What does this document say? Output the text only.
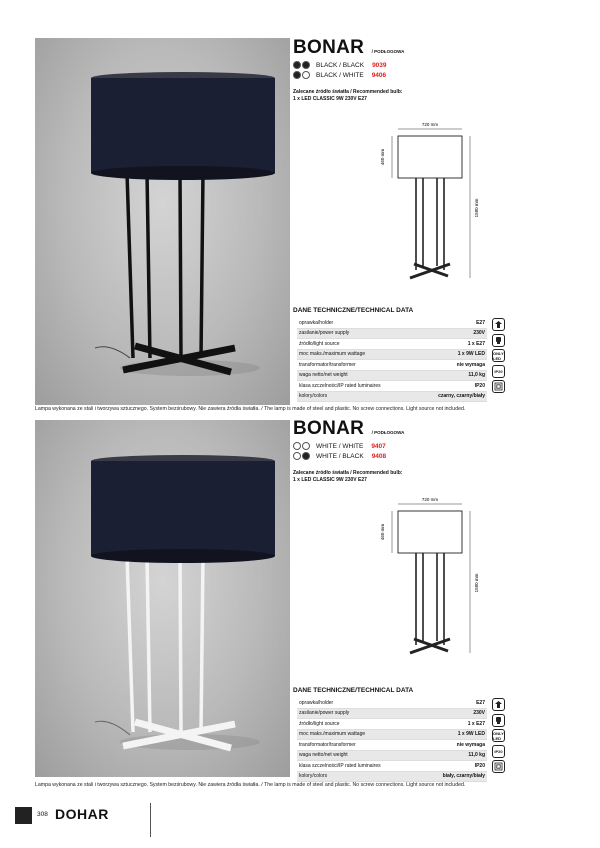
Lampa wykonana ze stali i tworzywa sztucznego. System bezśrubowy. Nie zawiera źródła światła. / The lamp is made of steel and plastic. No screw connections. Light source not included.
BONAR / PODŁOGOWA
BLACK / BLACK 9039
BLACK / WHITE 9406
Zalecane źródło światła / Recommended bulb:
1 x LED CLASSIC 9W 230V E27
720 mm
460 mm
1580 mm
DANE TECHNICZNE/TECHNICAL DATA
oprawka/holder	E27
zasilanie/power supply	230V
źródło/light source	1 x E27
moc maks./maximum wattage	1 x 9W LED
transformator/transformer	nie wymaga
waga netto/net weight	11,0 kg
klasa szczelności/IP rated luminaires	IP20
kolory/colors	czarny, czarny/biały
ONLY LED
IP20
Lampa wykonana ze stali i tworzywa sztucznego. System bezśrubowy. Nie zawiera źródła światła. / The lamp is made of steel and plastic. No screw connections. Light source not included.
BONAR / PODŁOGOWA
WHITE / WHITE 9407
WHITE / BLACK 9408
Zalecane źródło światła / Recommended bulb:
1 x LED CLASSIC 9W 230V E27
720 mm
460 mm
1580 mm
DANE TECHNICZNE/TECHNICAL DATA
oprawka/holder	E27
zasilanie/power supply	230V
źródło/light source	1 x E27
moc maks./maximum wattage	1 x 9W LED
transformator/transformer	nie wymaga
waga netto/net weight	11,0 kg
klasa szczelności/IP rated luminaires	IP20
kolory/colors	biały, czarny/biały
ONLY LED
IP20
308 DOHAR
